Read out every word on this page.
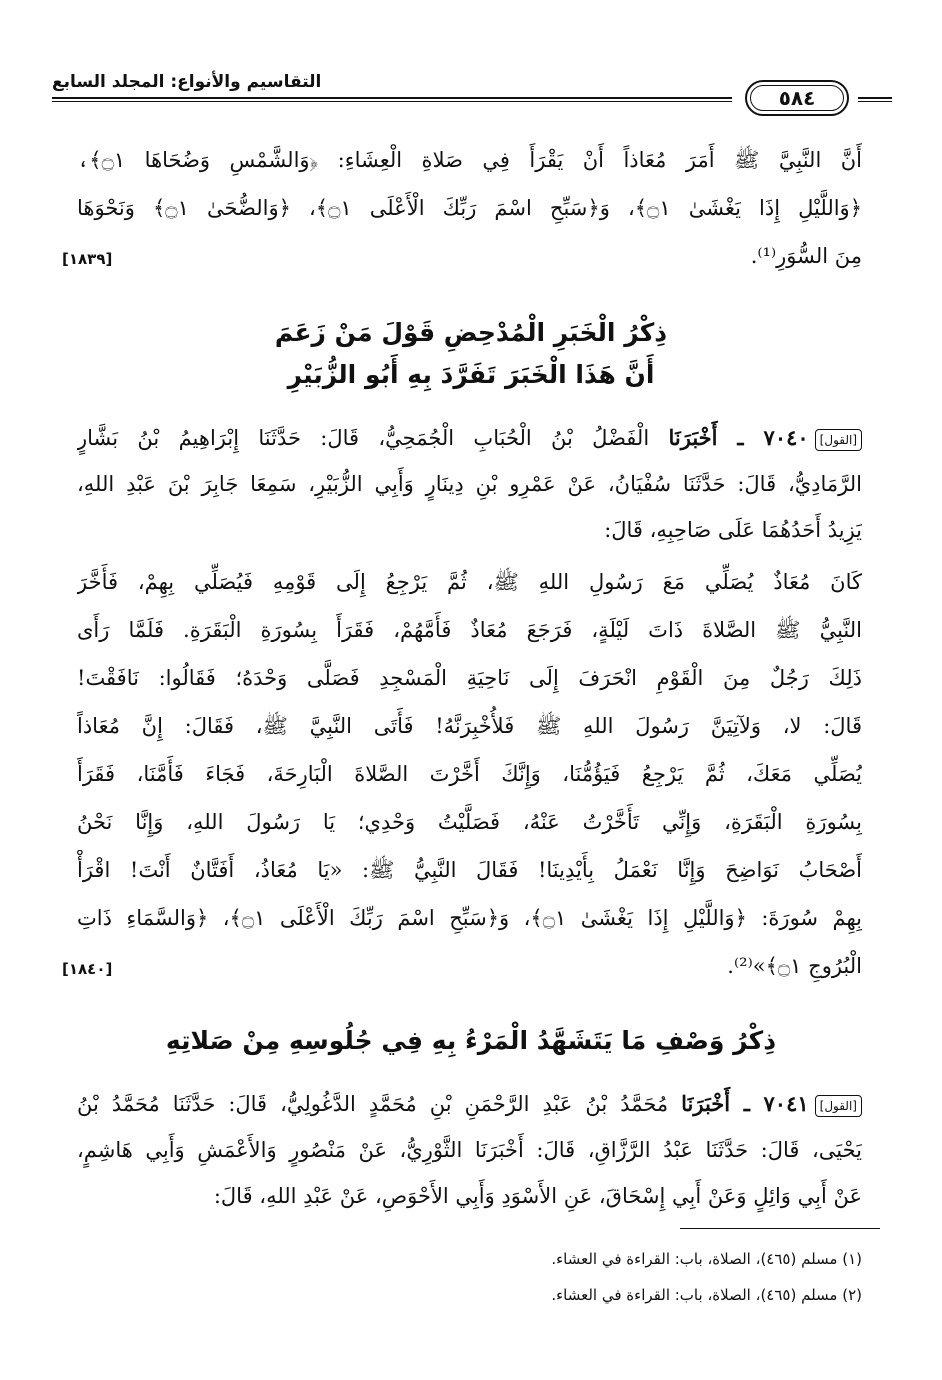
التقاسيم والأنواع: المجلد السابع
٥٨٤
أَنَّ النَّبِيَّ ﷺ أَمَرَ مُعَاذاً أَنْ يَقْرَأَ فِي صَلاةِ الْعِشَاءِ: ﴿وَالشَّمْسِ وَضُحَاهَا ۝١﴾،
﴿وَاللَّيْلِ إِذَا يَغْشَىٰ ۝١﴾، وَ﴿سَبِّحِ اسْمَ رَبِّكَ الْأَعْلَى ۝١﴾، ﴿وَالضُّحَىٰ ۝١﴾ وَنَحْوَهَا
مِنَ السُّوَرِ⁽¹⁾.
[١٨٣٩]
ذِكْرُ الْخَبَرِ الْمُدْحِضِ قَوْلَ مَنْ زَعَمَ
أَنَّ هَذَا الْخَبَرَ تَفَرَّدَ بِهِ أَبُو الزُّبَيْرِ
[القول]٧٠٤٠ ـ أَخْبَرَنَا الْفَضْلُ بْنُ الْحُبَابِ الْجُمَحِيُّ، قَالَ: حَدَّثَنَا إِبْرَاهِيمُ بْنُ بَشَّارٍ
الرَّمَادِيُّ، قَالَ: حَدَّثَنَا سُفْيَانُ، عَنْ عَمْرِو بْنِ دِينَارٍ وَأَبِي الزُّبَيْرِ، سَمِعَا جَابِرَ بْنَ عَبْدِ اللهِ،
يَزِيدُ أَحَدُهُمَا عَلَى صَاحِبِهِ، قَالَ:
كَانَ مُعَاذٌ يُصَلِّي مَعَ رَسُولِ اللهِ ﷺ، ثُمَّ يَرْجِعُ إِلَى قَوْمِهِ فَيُصَلِّي بِهِمْ، فَأَخَّرَ
النَّبِيُّ ﷺ الصَّلاةَ ذَاتَ لَيْلَةٍ، فَرَجَعَ مُعَاذٌ فَأَمَّهُمْ، فَقَرَأَ بِسُورَةِ الْبَقَرَةِ. فَلَمَّا رَأَى
ذَلِكَ رَجُلٌ مِنَ الْقَوْمِ انْحَرَفَ إِلَى نَاحِيَةِ الْمَسْجِدِ فَصَلَّى وَحْدَهُ؛ فَقَالُوا: نَافَقْتَ!
قَالَ: لا، وَلآتِيَنَّ رَسُولَ اللهِ ﷺ فَلأُخْبِرَنَّهُ! فَأَتَى النَّبِيَّ ﷺ، فَقَالَ: إِنَّ مُعَاذاً
يُصَلِّي مَعَكَ، ثُمَّ يَرْجِعُ فَيَؤُمُّنَا، وَإِنَّكَ أَخَّرْتَ الصَّلاةَ الْبَارِحَةَ، فَجَاءَ فَأَمَّنَا، فَقَرَأَ
بِسُورَةِ الْبَقَرَةِ، وَإِنِّي تَأَخَّرْتُ عَنْهُ، فَصَلَّيْتُ وَحْدِي؛ يَا رَسُولَ اللهِ، وَإِنَّا نَحْنُ
أَصْحَابُ نَوَاضِحَ وَإِنَّا نَعْمَلُ بِأَيْدِينَا! فَقَالَ النَّبِيُّ ﷺ: «يَا مُعَاذُ، أَفَتَّانٌ أَنْتَ! اقْرَأْ
بِهِمْ سُورَةَ: ﴿وَاللَّيْلِ إِذَا يَغْشَىٰ ۝١﴾، وَ﴿سَبِّحِ اسْمَ رَبِّكَ الْأَعْلَى ۝١﴾، ﴿وَالسَّمَاءِ ذَاتِ
الْبُرُوجِ ۝١﴾»⁽²⁾.
[١٨٤٠]
ذِكْرُ وَصْفِ مَا يَتَشَهَّدُ الْمَرْءُ بِهِ فِي جُلُوسِهِ مِنْ صَلاتِهِ
[القول]٧٠٤١ ـ أَخْبَرَنَا مُحَمَّدُ بْنُ عَبْدِ الرَّحْمَنِ بْنِ مُحَمَّدٍ الدَّغُولِيُّ، قَالَ: حَدَّثَنَا مُحَمَّدُ بْنُ
يَحْيَى، قَالَ: حَدَّثَنَا عَبْدُ الرَّزَّاقِ، قَالَ: أَخْبَرَنَا الثَّوْرِيُّ، عَنْ مَنْصُورٍ وَالأَعْمَشِ وَأَبِي هَاشِمٍ،
عَنْ أَبِي وَائِلٍ وَعَنْ أَبِي إِسْحَاقَ، عَنِ الأَسْوَدِ وَأَبِي الأَحْوَصِ، عَنْ عَبْدِ اللهِ، قَالَ:
(١) مسلم (٤٦٥)، الصلاة، باب: القراءة في العشاء.
(٢) مسلم (٤٦٥)، الصلاة، باب: القراءة في العشاء.
